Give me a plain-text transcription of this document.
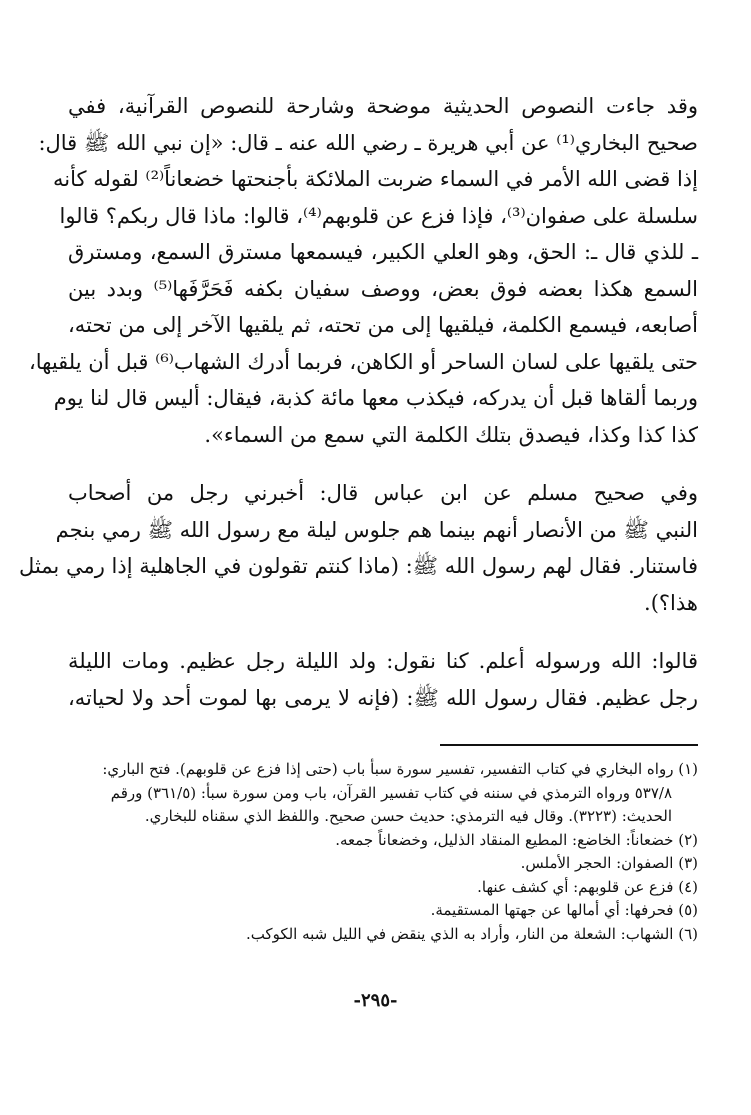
وقد جاءت النصوص الحديثية موضحة وشارحة للنصوص القرآنية، ففي
صحيح البخاري⁽¹⁾ عن أبي هريرة ـ رضي الله عنه ـ قال: «إن نبي الله ﷺ قال:
إذا قضى الله الأمر في السماء ضربت الملائكة بأجنحتها خضعاناً⁽²⁾ لقوله كأنه
سلسلة على صفوان⁽³⁾، فإذا فزع عن قلوبهم⁽⁴⁾، قالوا: ماذا قال ربكم؟ قالوا
ـ للذي قال ـ: الحق، وهو العلي الكبير، فيسمعها مسترق السمع، ومسترق
السمع هكذا بعضه فوق بعض، ووصف سفيان بكفه فَحَرَّفَها⁽⁵⁾ وبدد بين
أصابعه، فيسمع الكلمة، فيلقيها إلى من تحته، ثم يلقيها الآخر إلى من تحته،
حتى يلقيها على لسان الساحر أو الكاهن، فربما أدرك الشهاب⁽⁶⁾ قبل أن يلقيها،
وربما ألقاها قبل أن يدركه، فيكذب معها مائة كذبة، فيقال: أليس قال لنا يوم
كذا كذا وكذا، فيصدق بتلك الكلمة التي سمع من السماء».
وفي صحيح مسلم عن ابن عباس قال: أخبرني رجل من أصحاب
النبي ﷺ من الأنصار أنهم بينما هم جلوس ليلة مع رسول الله ﷺ رمي بنجم
فاستنار. فقال لهم رسول الله ﷺ: (ماذا كنتم تقولون في الجاهلية إذا رمي بمثل
هذا؟).
قالوا: الله ورسوله أعلم. كنا نقول: ولد الليلة رجل عظيم. ومات الليلة
رجل عظيم. فقال رسول الله ﷺ: (فإنه لا يرمى بها لموت أحد ولا لحياته،
(١) رواه البخاري في كتاب التفسير، تفسير سورة سبأ باب (حتى إذا فزع عن قلوبهم). فتح الباري:
٥٣٧/٨ ورواه الترمذي في سننه في كتاب تفسير القرآن، باب ومن سورة سبأ: (٣٦١/٥) ورقم
الحديث: (٣٢٢٣). وقال فيه الترمذي: حديث حسن صحيح. واللفظ الذي سقناه للبخاري.
(٢) خضعاناً: الخاضع: المطيع المنقاد الذليل، وخضعاناً جمعه.
(٣) الصفوان: الحجر الأملس.
(٤) فزع عن قلوبهم: أي كشف عنها.
(٥) فحرفها: أي أمالها عن جهتها المستقيمة.
(٦) الشهاب: الشعلة من النار، وأراد به الذي ينقض في الليل شبه الكوكب.
-٢٩٥-
